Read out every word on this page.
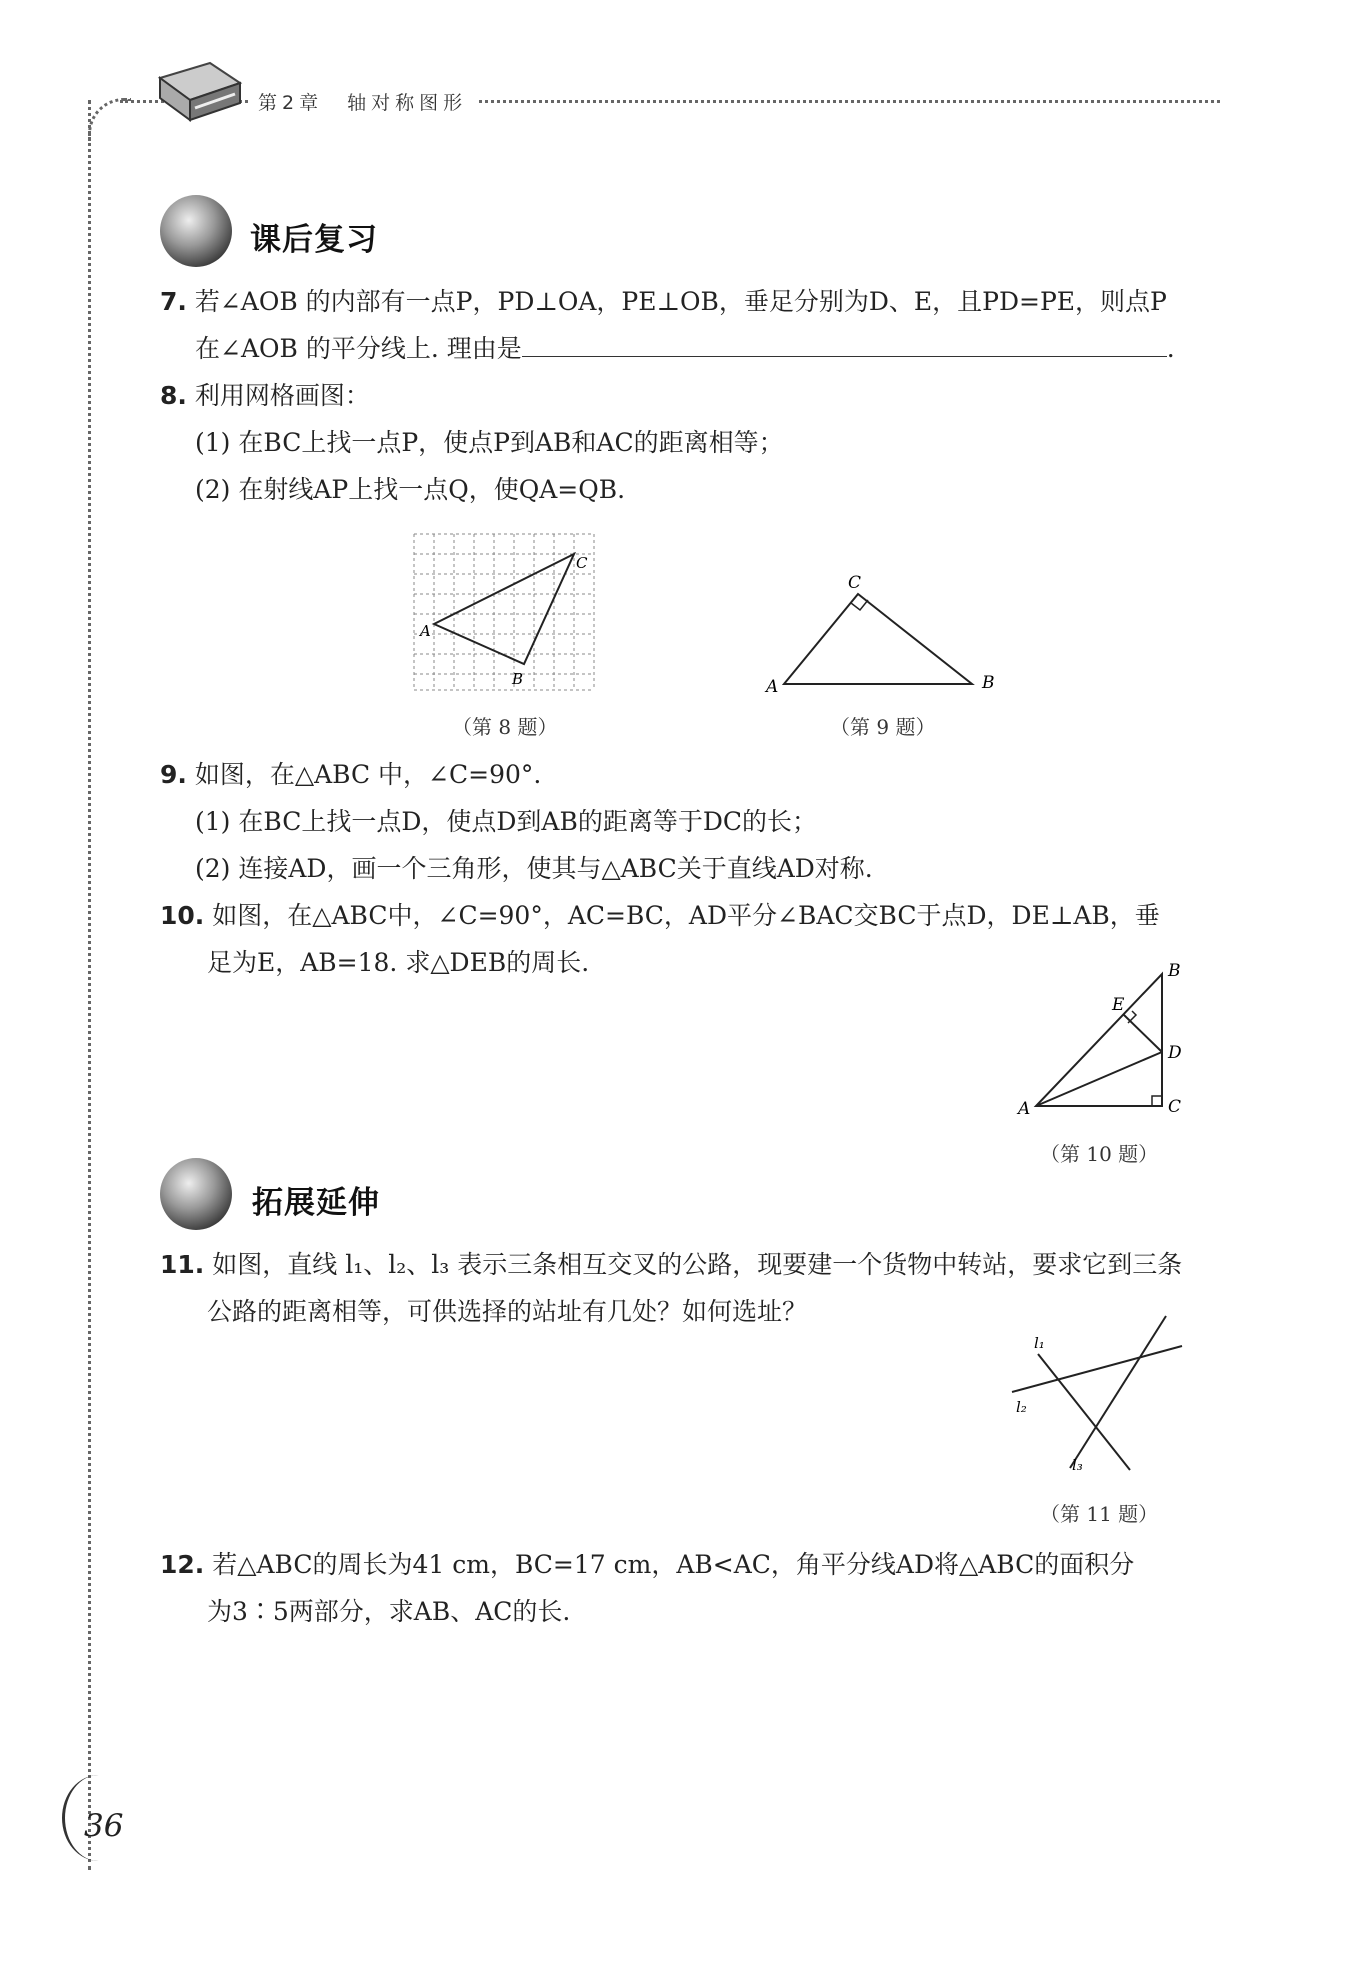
第2章　轴对称图形
课后复习
7. 若∠AOB 的内部有一点P，PD⊥OA，PE⊥OB，垂足分别为D、E，且PD=PE，则点P
在∠AOB 的平分线上. 理由是	.
8. 利用网格画图：
(1) 在BC上找一点P，使点P到AB和AC的距离相等；
(2) 在射线AP上找一点Q，使QA=QB.
A
C
B
（第 8 题）
A
C
B
（第 9 题）
9. 如图，在△ABC 中，∠C=90°.
(1) 在BC上找一点D，使点D到AB的距离等于DC的长；
(2) 连接AD，画一个三角形，使其与△ABC关于直线AD对称.
10. 如图，在△ABC中，∠C=90°，AC=BC，AD平分∠BAC交BC于点D，DE⊥AB，垂
足为E，AB=18. 求△DEB的周长.
A
B
C
D
E
（第 10 题）
拓展延伸
11. 如图，直线 l₁、l₂、l₃ 表示三条相互交叉的公路，现要建一个货物中转站，要求它到三条
公路的距离相等，可供选择的站址有几处？如何选址？
l₁
l₂
l₃
（第 11 题）
12. 若△ABC的周长为41 cm，BC=17 cm，AB<AC，角平分线AD将△ABC的面积分
为3∶5两部分，求AB、AC的长.
36
